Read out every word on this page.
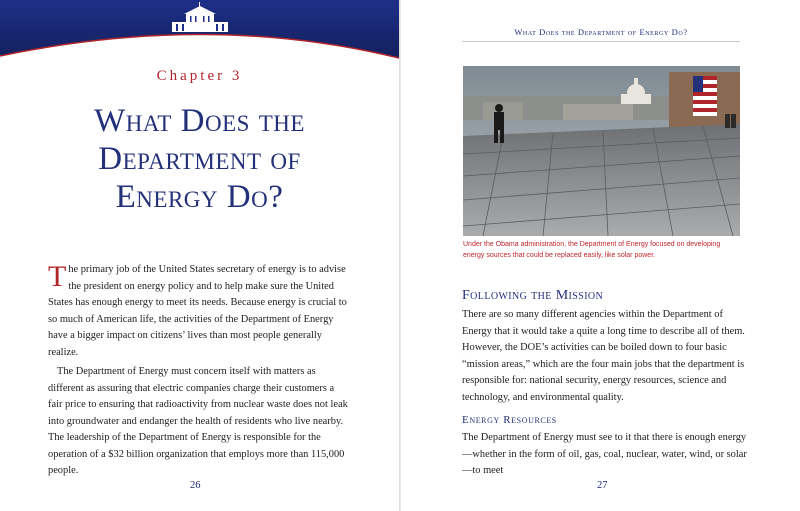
Chapter 3
What Does the
Department of
Energy Do?

The primary job of the United States secretary of energy is to advise the president on energy policy and to help make sure the United States has enough energy to meet its needs. Because energy is crucial to so much of American life, the activities of the Department of Energy have a bigger impact on citizens’ lives than most people generally realize.

The Department of Energy must concern itself with matters as different as assuring that electric companies charge their customers a fair price to ensuring that radioactivity from nuclear waste does not leak into groundwater and endanger the health of residents who live nearby. The leadership of the Department of Energy is responsible for the operation of a $32 billion organization that employs more than 115,000 people.

26
What Does the Department of Energy Do?
Under the Obama administration, the Department of Energy focused on developing energy sources that could be replaced easily, like solar power.
Following the Mission
There are so many different agencies within the Department of Energy that it would take a quite a long time to describe all of them. However, the DOE’s activities can be boiled down to four basic “mission areas,” which are the four main jobs that the department is responsible for: national security, energy resources, science and technology, and environmental quality.
Energy Resources
The Department of Energy must see to it that there is enough energy—whether in the form of oil, gas, coal, nuclear, water, wind, or solar—to meet
27
